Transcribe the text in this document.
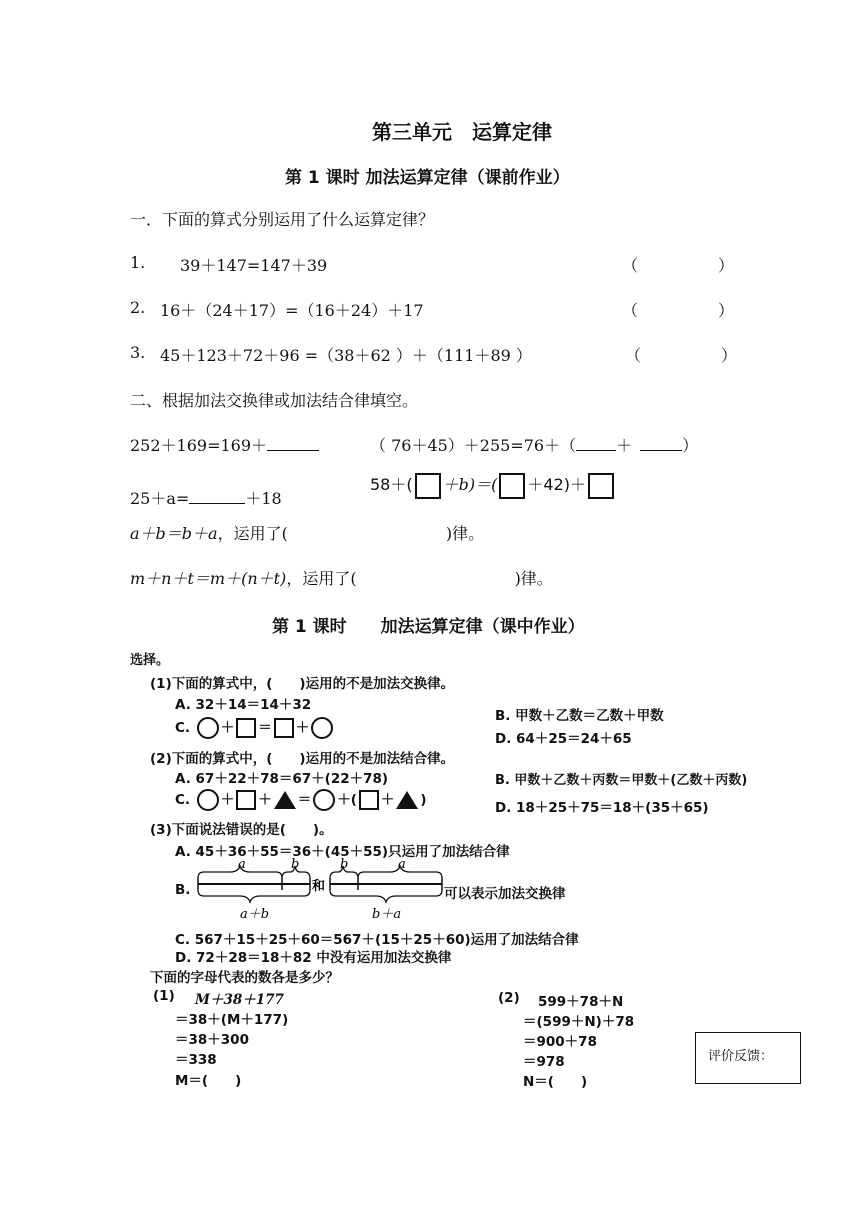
第三单元　运算定律
第 1 课时 加法运算定律（课前作业）
一．下面的算式分别运用了什么运算定律？
1. 39＋147=147＋39	（　　　　　）
2. 16＋（24＋17）=（16＋24）＋17	（　　　　　）
3. 45＋123＋72＋96 =（38＋62 ）＋（111＋89 ）	（　　　　　）
二、根据加法交换律或加法结合律填空。
252＋169=169＋	（ 76＋45）＋255=76＋（	＋	）
25＋a=	＋18
58＋( ＋b)＝( ＋42)＋
a＋b＝b＋a，运用了(	)律。
m＋n＋t＝m＋(n＋t)，运用了(	)律。
第 1 课时　　加法运算定律（课中作业）
选择。
(1)下面的算式中，(　　)运用的不是加法交换律。
A. 32＋14＝14＋32
B. 甲数＋乙数＝乙数＋甲数
C. ＋ ＝ ＋
D. 64＋25＝24＋65
(2)下面的算式中，(　　)运用的不是加法结合律。
A. 67＋22＋78＝67＋(22＋78)	B. 甲数＋乙数＋丙数＝甲数＋(乙数＋丙数)
C. ＋ ＋ ＝ ＋( ＋ )	D. 18＋25＋75＝18＋(35＋65)
(3)下面说法错误的是(　　)。
A. 45＋36＋55＝36＋(45＋55)只运用了加法结合律
B.
a	b
a＋b
和
b	a
b＋a
可以表示加法交换律
C. 567＋15＋25＋60＝567＋(15＋25＋60)运用了加法结合律
D. 72＋28＝18＋82 中没有运用加法交换律
下面的字母代表的数各是多少？
(1) M＋38＋177
＝38＋(M＋177)
＝38＋300
＝338
M＝(　　)
(2) 599＋78＋N
＝(599＋N)＋78
＝900＋78
＝978
N＝(　　)
评价反馈：
